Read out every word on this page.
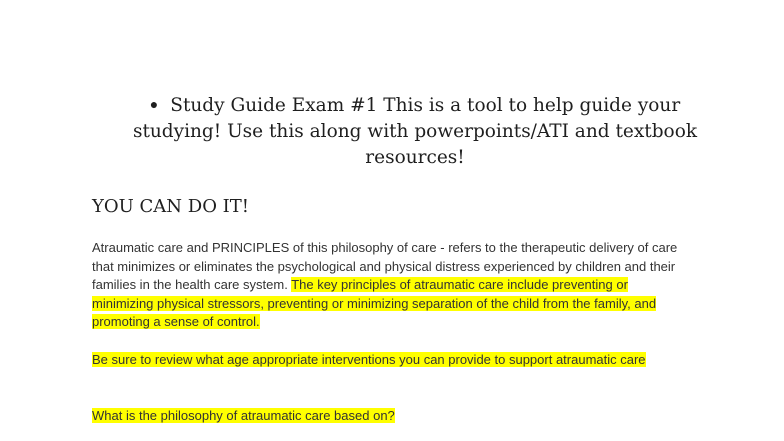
● Study Guide Exam #1 This is a tool to help guide your studying! Use this along with powerpoints/ATI and textbook resources!
YOU CAN DO IT!
Atraumatic care and PRINCIPLES of this philosophy of care - refers to the therapeutic delivery of care that minimizes or eliminates the psychological and physical distress experienced by children and their families in the health care system. The key principles of atraumatic care include preventing or minimizing physical stressors, preventing or minimizing separation of the child from the family, and promoting a sense of control.
Be sure to review what age appropriate interventions you can provide to support atraumatic care
What is the philosophy of atraumatic care based on?
